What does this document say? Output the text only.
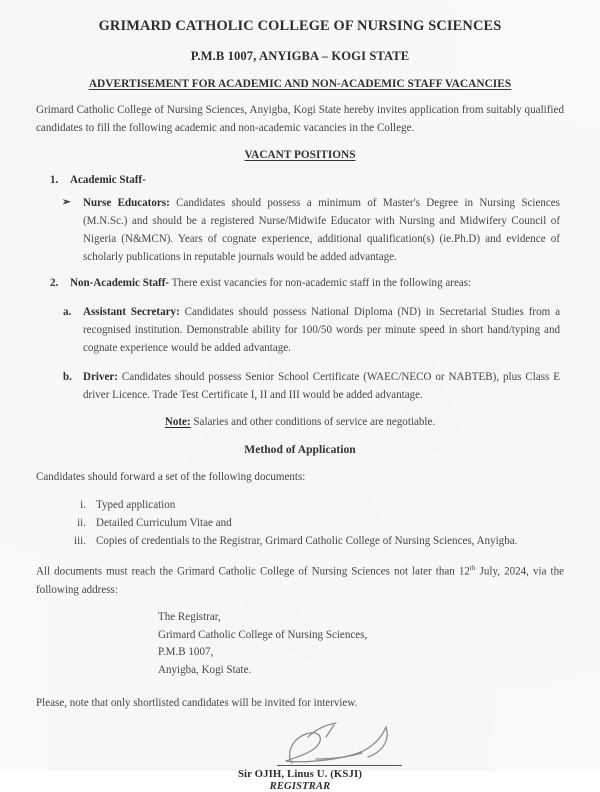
GRIMARD CATHOLIC COLLEGE OF NURSING SCIENCES
P.M.B 1007, ANYIGBA – KOGI STATE
ADVERTISEMENT FOR ACADEMIC AND NON-ACADEMIC STAFF VACANCIES

Grimard Catholic College of Nursing Sciences, Anyigba, Kogi State hereby invites application from suitably qualified candidates to fill the following academic and non-academic vacancies in the College.

VACANT POSITIONS
1. Academic Staff-
➢ Nurse Educators: Candidates should possess a minimum of Master's Degree in Nursing Sciences (M.N.Sc.) and should be a registered Nurse/Midwife Educator with Nursing and Midwifery Council of Nigeria (N&MCN). Years of cognate experience, additional qualification(s) (ie.Ph.D) and evidence of scholarly publications in reputable journals would be added advantage.
2. Non-Academic Staff- There exist vacancies for non-academic staff in the following areas:
a. Assistant Secretary: Candidates should possess National Diploma (ND) in Secretarial Studies from a recognised institution. Demonstrable ability for 100/50 words per minute speed in short hand/typing and cognate experience would be added advantage.
b. Driver: Candidates should possess Senior School Certificate (WAEC/NECO or NABTEB), plus Class E driver Licence. Trade Test Certificate I, II and III would be added advantage.
Note: Salaries and other conditions of service are negotiable.
Method of Application
Candidates should forward a set of the following documents:
i. Typed application
ii. Detailed Curriculum Vitae and
iii. Copies of credentials to the Registrar, Grimard Catholic College of Nursing Sciences, Anyigba.
All documents must reach the Grimard Catholic College of Nursing Sciences not later than 12th July, 2024, via the following address:
The Registrar,
Grimard Catholic College of Nursing Sciences,
P.M.B 1007,
Anyigba, Kogi State.
Please, note that only shortlisted candidates will be invited for interview.
Sir OJIH, Linus U. (KSJI)
REGISTRAR
